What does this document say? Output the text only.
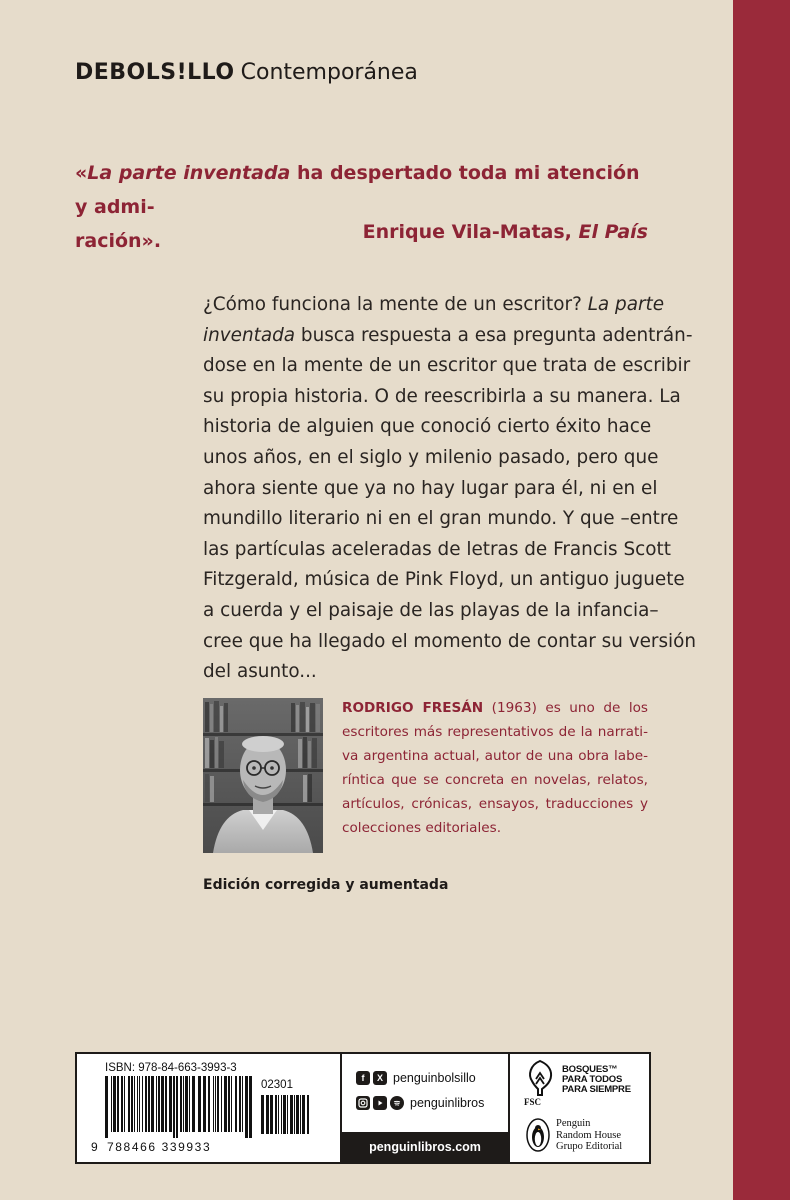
DEBOLS!LLO Contemporánea
«La parte inventada ha despertado toda mi atención y admi-
ración».	Enrique Vila-Matas, El País
¿Cómo funciona la mente de un escritor? La parte
inventada busca respuesta a esa pregunta adentrán-
dose en la mente de un escritor que trata de escribir
su propia historia. O de reescribirla a su manera. La
historia de alguien que conoció cierto éxito hace
unos años, en el siglo y milenio pasado, pero que
ahora siente que ya no hay lugar para él, ni en el
mundillo literario ni en el gran mundo. Y que –entre
las partículas aceleradas de letras de Francis Scott
Fitzgerald, música de Pink Floyd, un antiguo juguete
a cuerda y el paisaje de las playas de la infancia–
cree que ha llegado el momento de contar su versión
del asunto...
RODRIGO FRESÁN (1963) es uno de los
escritores más representativos de la narrati-
va argentina actual, autor de una obra labe-
ríntica que se concreta en novelas, relatos,
artículos, crónicas, ensayos, traducciones y
colecciones editoriales.
Edición corregida y aumentada
ISBN: 978-84-663-3993-3
02301
9 788466 339933
f	X penguinbolsillo
penguinlibros
penguinlibros.com
FSC
BOSQUES™
PARA TODOS
PARA SIEMPRE
Penguin
Random House
Grupo Editorial
